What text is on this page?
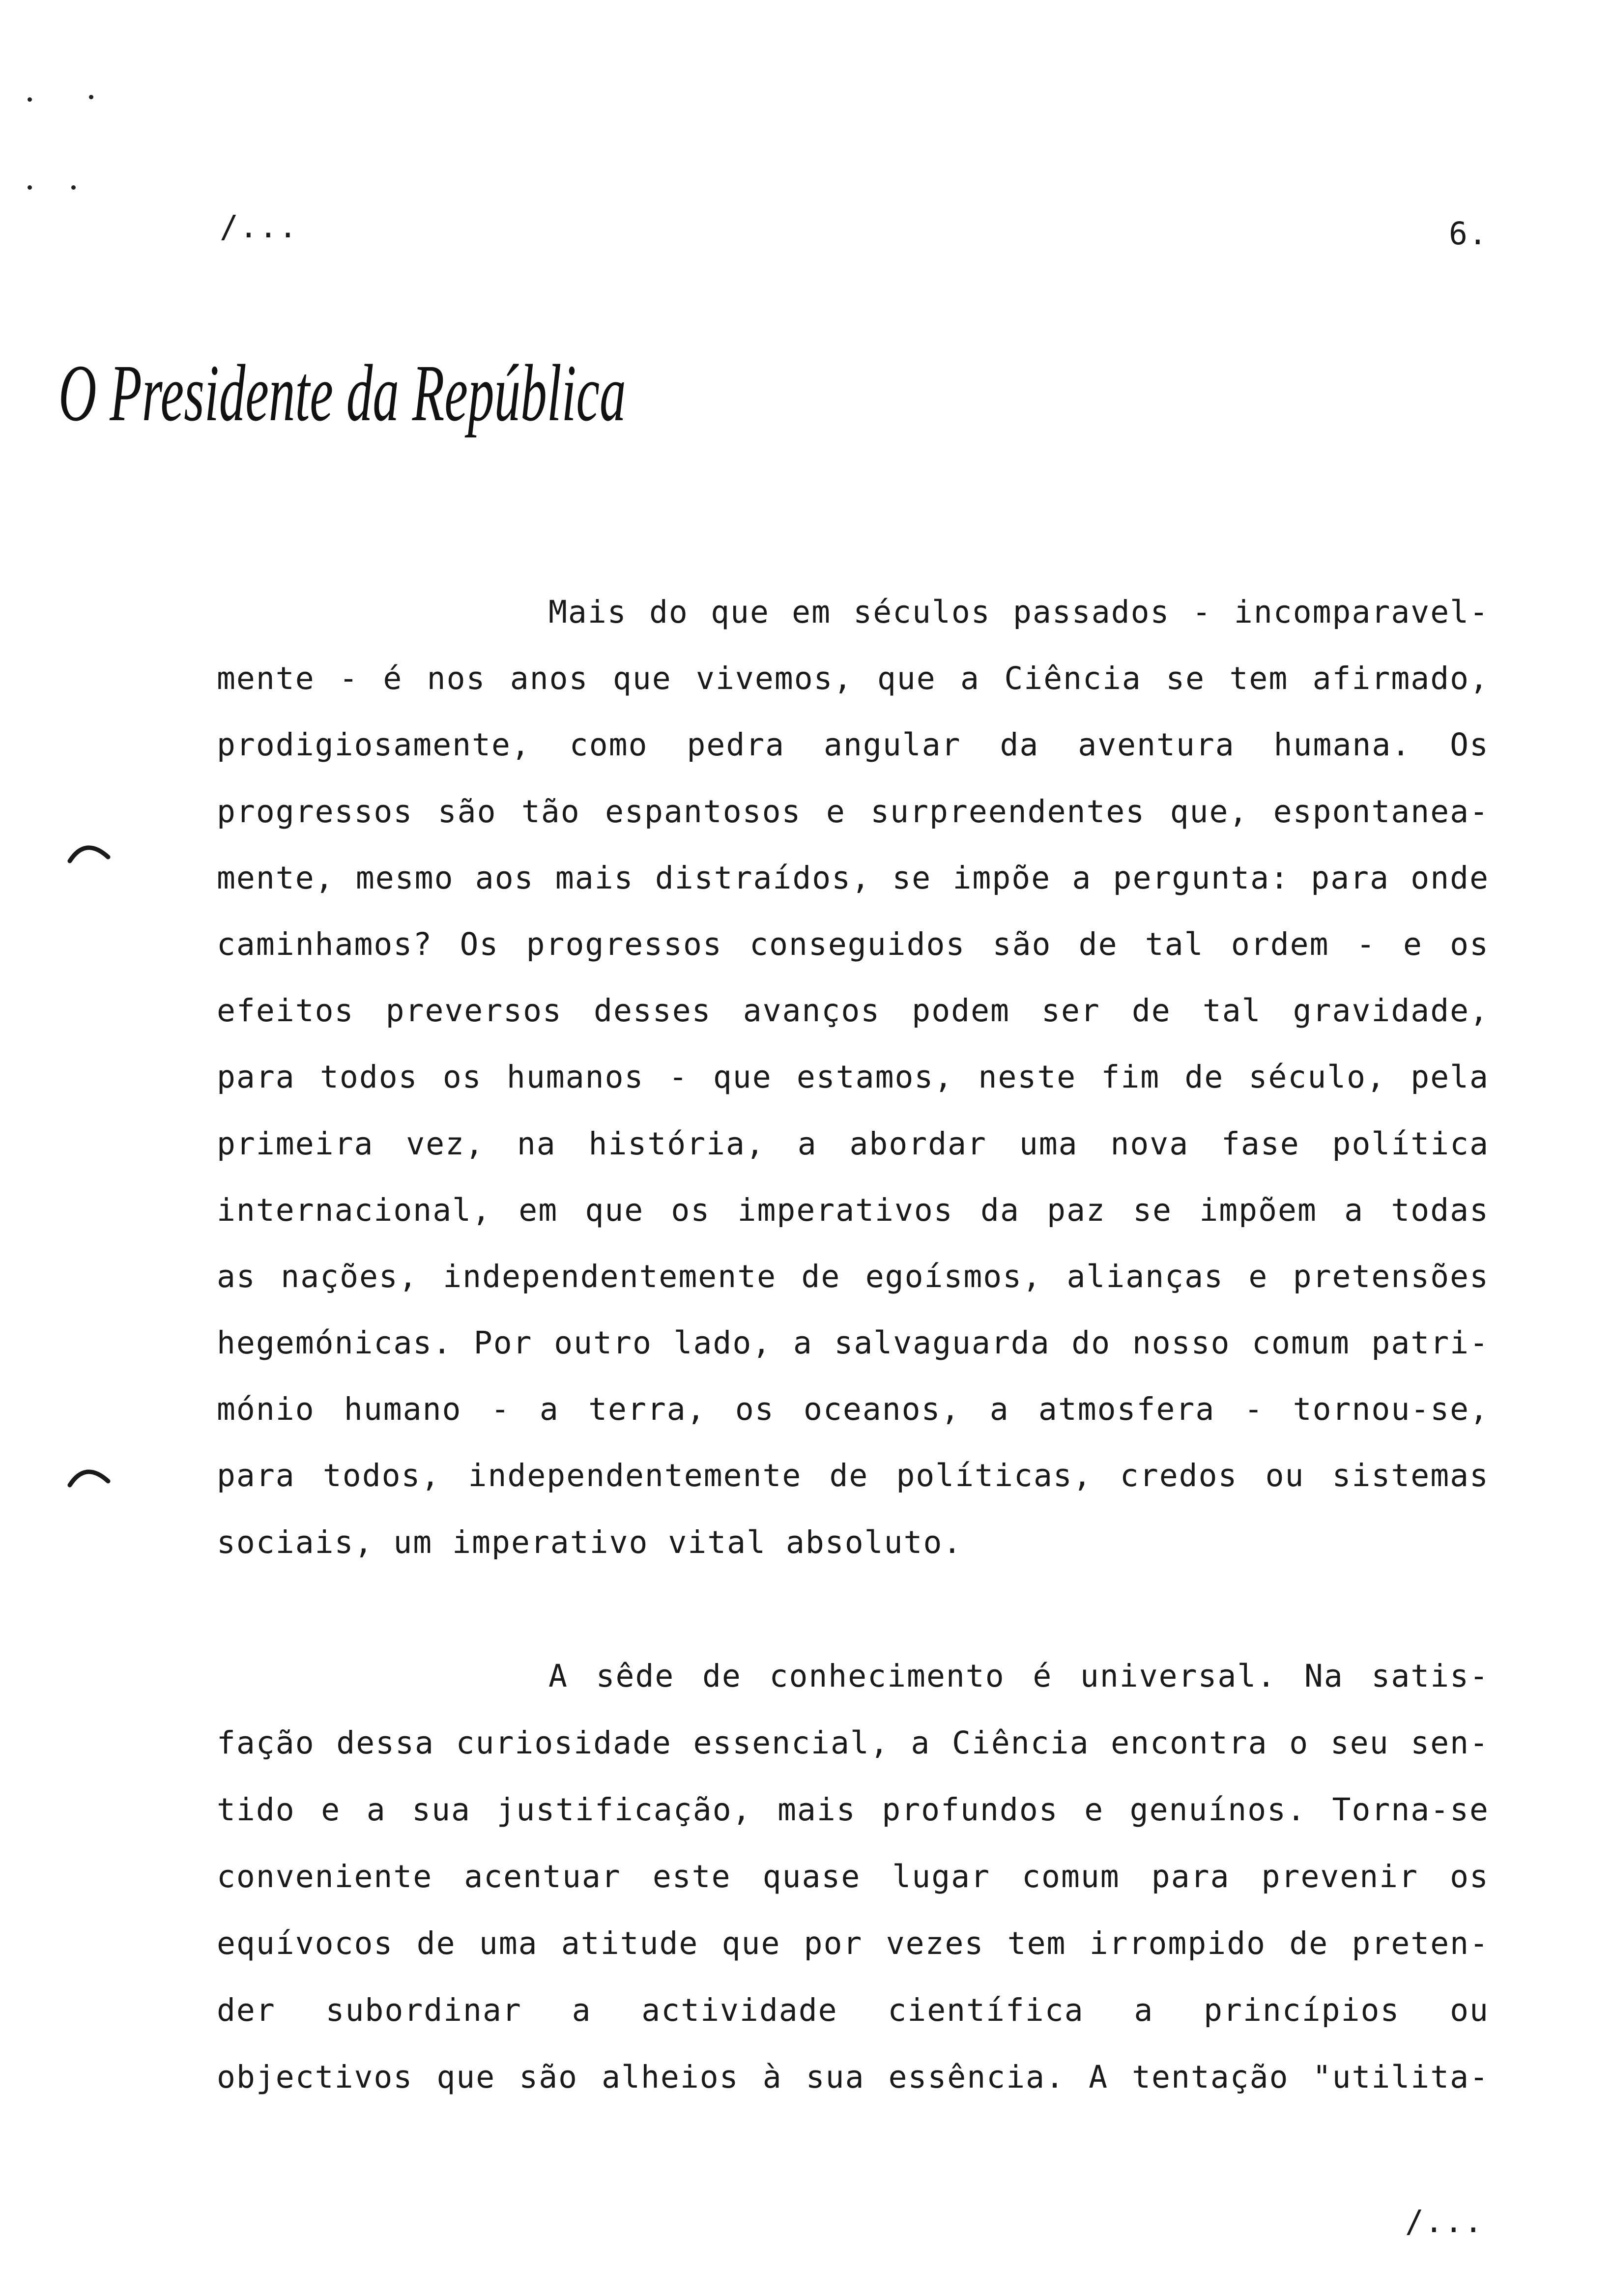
/...	6.
O Presidente da República
Mais do que em séculos passados - incomparavel-
mente - é nos anos que vivemos, que a Ciência se tem afirmado,
prodigiosamente, como pedra angular da aventura humana. Os
progressos são tão espantosos e surpreendentes que, espontanea-
mente, mesmo aos mais distraídos, se impõe a pergunta: para onde
caminhamos? Os progressos conseguidos são de tal ordem - e os
efeitos preversos desses avanços podem ser de tal gravidade,
para todos os humanos - que estamos, neste fim de século, pela
primeira vez, na história, a abordar uma nova fase política
internacional, em que os imperativos da paz se impõem a todas
as nações, independentemente de egoísmos, alianças e pretensões
hegemónicas. Por outro lado, a salvaguarda do nosso comum patri-
mónio humano - a terra, os oceanos, a atmosfera - tornou-se,
para todos, independentemente de políticas, credos ou sistemas
sociais, um imperativo vital absoluto.
A sêde de conhecimento é universal. Na satis-
fação dessa curiosidade essencial, a Ciência encontra o seu sen-
tido e a sua justificação, mais profundos e genuínos. Torna-se
conveniente acentuar este quase lugar comum para prevenir os
equívocos de uma atitude que por vezes tem irrompido de preten-
der subordinar a actividade científica a princípios ou
objectivos que são alheios à sua essência. A tentação "utilita-
/...
